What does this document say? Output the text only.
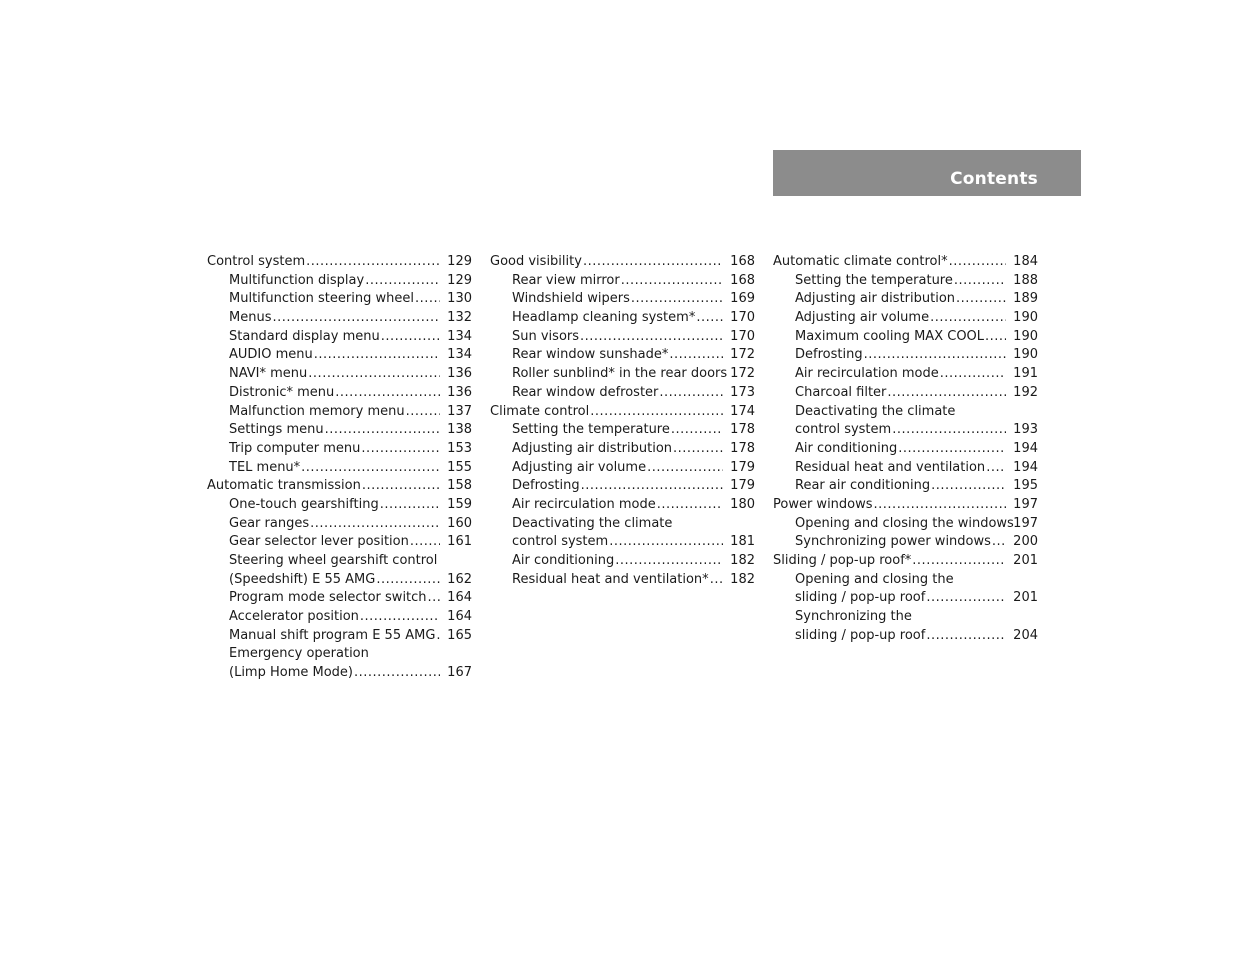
Contents
Control system .....	129
Multifunction display .....	129
Multifunction steering wheel .....	130
Menus .....	132
Standard display menu .....	134
AUDIO menu .....	134
NAVI* menu .....	136
Distronic* menu .....	136
Malfunction memory menu .....	137
Settings menu .....	138
Trip computer menu .....	153
TEL menu* .....	155
Automatic transmission .....	158
One-touch gearshifting .....	159
Gear ranges .....	160
Gear selector lever position .....	161
Steering wheel gearshift control
(Speedshift) E 55 AMG .....	162
Program mode selector switch ..... 164
Accelerator position .....	164
Manual shift program E 55 AMG ..... 165
Emergency operation
(Limp Home Mode) .....	167
Good visibility .....	168
Rear view mirror .....	168
Windshield wipers .....	169
Headlamp cleaning system* .....	170
Sun visors .....	170
Rear window sunshade* .....	172
Roller sunblind* in the rear doors ..... 172
Rear window defroster .....	173
Climate control .....	174
Setting the temperature .....	178
Adjusting air distribution .....	178
Adjusting air volume .....	179
Defrosting .....	179
Air recirculation mode .....	180
Deactivating the climate
control system .....	181
Air conditioning .....	182
Residual heat and ventilation* ..... 182
Automatic climate control* .....	184
Setting the temperature .....	188
Adjusting air distribution .....	189
Adjusting air volume .....	190
Maximum cooling MAX COOL ..... 190
Defrosting .....	190
Air recirculation mode .....	191
Charcoal filter .....	192
Deactivating the climate
control system .....	193
Air conditioning .....	194
Residual heat and ventilation ..... 194
Rear air conditioning .....	195
Power windows .....	197
Opening and closing the windows ..... 197
Synchronizing power windows ..... 200
Sliding / pop-up roof* .....	201
Opening and closing the
sliding / pop-up roof .....	201
Synchronizing the
sliding / pop-up roof .....	204
